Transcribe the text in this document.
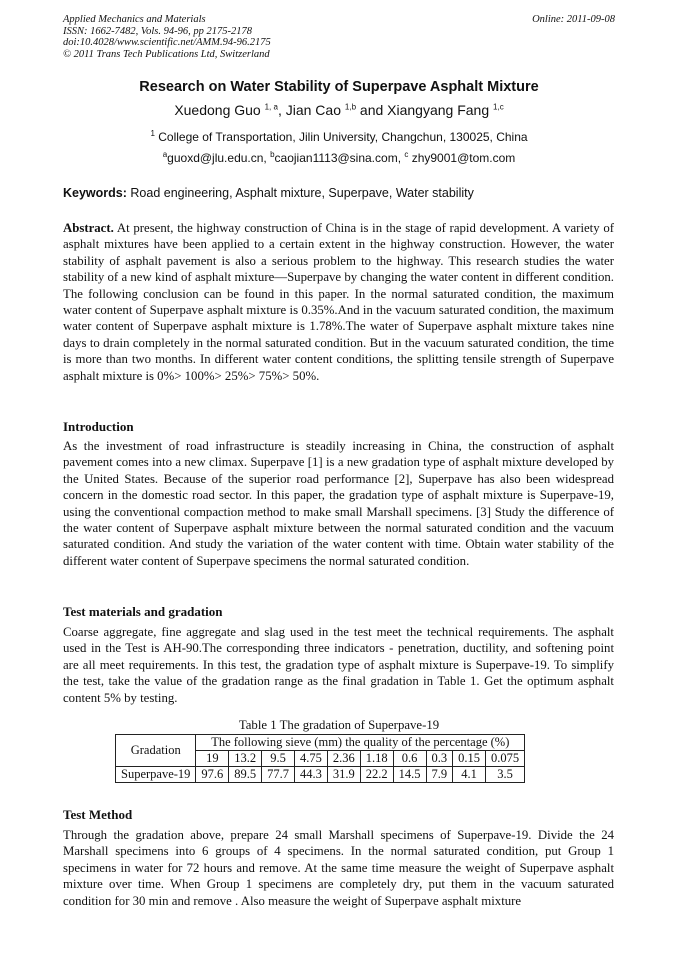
Applied Mechanics and Materials
ISSN: 1662-7482, Vols. 94-96, pp 2175-2178
doi:10.4028/www.scientific.net/AMM.94-96.2175
© 2011 Trans Tech Publications Ltd, Switzerland
Online: 2011-09-08
Research on Water Stability of Superpave Asphalt Mixture
Xuedong Guo $^{1, a}$, Jian Cao $^{1,b}$ and Xiangyang Fang $^{1,c}$
$^1$ College of Transportation, Jilin University, Changchun, 130025, China
$^a$guoxd@jlu.edu.cn, $^b$caojian1113@sina.com, $^c$ zhy9001@tom.com
Keywords: Road engineering, Asphalt mixture, Superpave, Water stability

Abstract. At present, the highway construction of China is in the stage of rapid development. A variety of asphalt mixtures have been applied to a certain extent in the highway construction. However, the water stability of asphalt pavement is also a serious problem to the highway. This research studies the water stability of a new kind of asphalt mixture—Superpave by changing the water content in different condition. The following conclusion can be found in this paper. In the normal saturated condition, the maximum water content of Superpave asphalt mixture is 0.35%.And in the vacuum saturated condition, the maximum water content of Superpave asphalt mixture is 1.78%.The water of Superpave asphalt mixture takes nine days to drain completely in the normal saturated condition. But in the vacuum saturated condition, the time is more than two months. In different water content conditions, the splitting tensile strength of Superpave asphalt mixture is 0%> 100%> 25%> 75%> 50%.

Introduction

As the investment of road infrastructure is steadily increasing in China, the construction of asphalt pavement comes into a new climax. Superpave [1] is a new gradation type of asphalt mixture developed by the United States. Because of the superior road performance [2], Superpave has also been widespread concern in the domestic road sector. In this paper, the gradation type of asphalt mixture is Superpave-19, using the conventional compaction method to make small Marshall specimens. [3] Study the difference of the water content of Superpave asphalt mixture between the normal saturated condition and the vacuum saturated condition. And study the variation of the water content with time. Obtain water stability of the different water content of Superpave specimens the normal saturated condition.

Test materials and gradation

Coarse aggregate, fine aggregate and slag used in the test meet the technical requirements. The asphalt used in the Test is AH-90.The corresponding three indicators - penetration, ductility, and softening point are all meet requirements. In this test, the gradation type of asphalt mixture is Superpave-19. To simplify the test, take the value of the gradation range as the final gradation in Table 1. Get the optimum asphalt content 5% by testing.

Table 1 The gradation of Superpave-19
Gradation	The following sieve (mm) the quality of the percentage (%)									
	19	13.2	9.5	4.75	2.36	1.18	0.6	0.3	0.15	0.075
Superpave-19	97.6	89.5	77.7	44.3	31.9	22.2	14.5	7.9	4.1	3.5
Test Method

Through the gradation above, prepare 24 small Marshall specimens of Superpave-19. Divide the 24 Marshall specimens into 6 groups of 4 specimens. In the normal saturated condition, put Group 1 specimens in water for 72 hours and remove. At the same time measure the weight of Superpave asphalt mixture over time. When Group 1 specimens are completely dry, put them in the vacuum saturated condition for 30 min and remove . Also measure the weight of Superpave asphalt mixture
